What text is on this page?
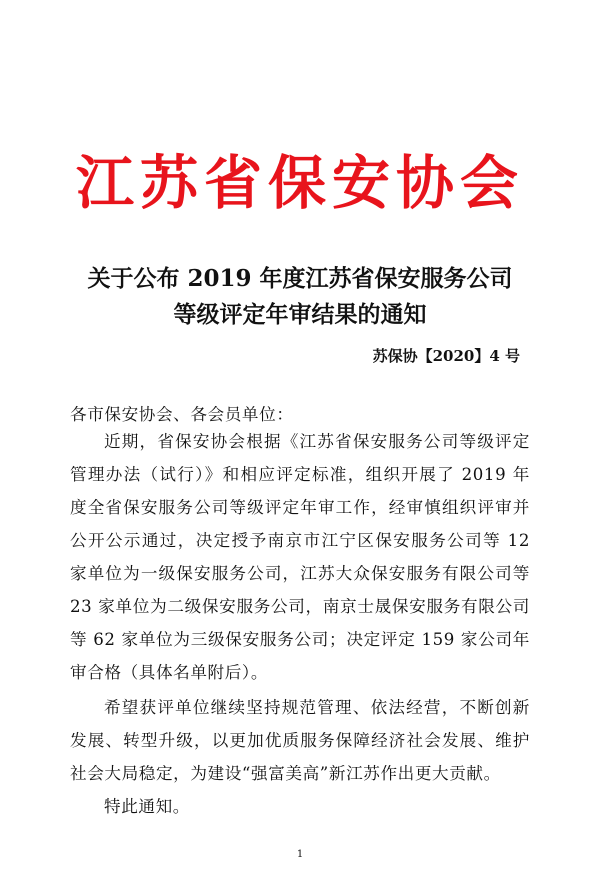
江苏省保安协会
关于公布 2019 年度江苏省保安服务公司
等级评定年审结果的通知
苏保协【2020】4 号
各市保安协会、各会员单位：

近期，省保安协会根据《江苏省保安服务公司等级评定管理办法（试行）》和相应评定标准，组织开展了 2019 年度全省保安服务公司等级评定年审工作，经审慎组织评审并公开公示通过，决定授予南京市江宁区保安服务公司等 12 家单位为一级保安服务公司，江苏大众保安服务有限公司等 23 家单位为二级保安服务公司，南京士晟保安服务有限公司等 62 家单位为三级保安服务公司；决定评定 159 家公司年审合格（具体名单附后）。

希望获评单位继续坚持规范管理、依法经营，不断创新发展、转型升级，以更加优质服务保障经济社会发展、维护社会大局稳定，为建设“强富美高”新江苏作出更大贡献。

特此通知。

1
